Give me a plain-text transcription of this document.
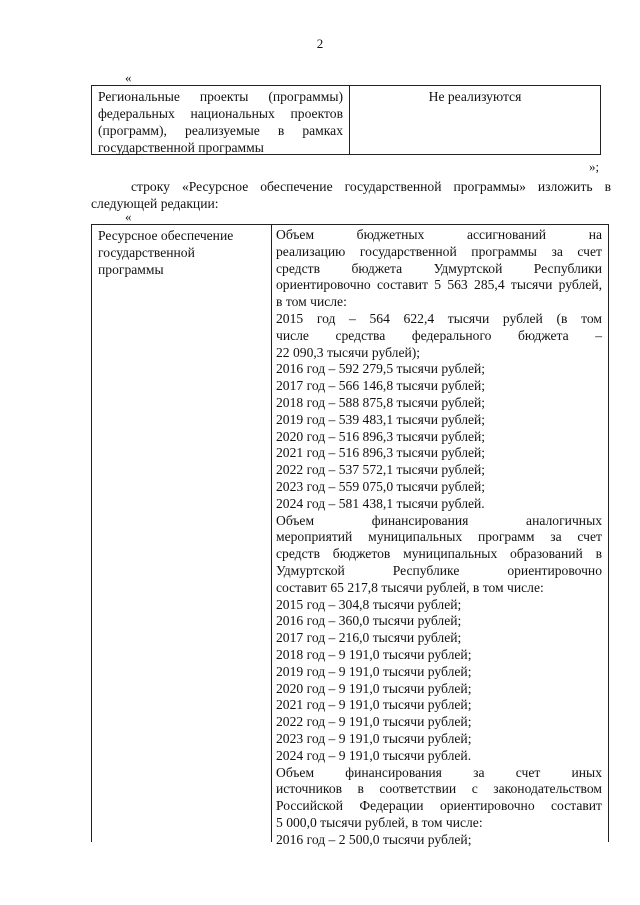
2
«
Региональные проекты (программы)
федеральных национальных проектов
(программ), реализуемые в рамках
государственной программы
Не реализуются
»;
строку «Ресурсное обеспечение государственной программы» изложить в
следующей редакции:
«
Ресурсное обеспечение
государственной
программы
Объем бюджетных ассигнований на
реализацию государственной программы за счет
средств бюджета Удмуртской Республики
ориентировочно составит 5 563 285,4 тысячи рублей,
в том числе:
2015 год – 564 622,4 тысячи рублей (в том
числе средства федерального бюджета –
22 090,3 тысячи рублей);
2016 год – 592 279,5 тысячи рублей;
2017 год – 566 146,8 тысячи рублей;
2018 год – 588 875,8 тысячи рублей;
2019 год – 539 483,1 тысячи рублей;
2020 год – 516 896,3 тысячи рублей;
2021 год – 516 896,3 тысячи рублей;
2022 год – 537 572,1 тысячи рублей;
2023 год – 559 075,0 тысячи рублей;
2024 год – 581 438,1 тысячи рублей.
Объем финансирования аналогичных
мероприятий муниципальных программ за счет
средств бюджетов муниципальных образований в
Удмуртской Республике ориентировочно
составит 65 217,8 тысячи рублей, в том числе:
2015 год – 304,8 тысячи рублей;
2016 год – 360,0 тысячи рублей;
2017 год – 216,0 тысячи рублей;
2018 год – 9 191,0 тысячи рублей;
2019 год – 9 191,0 тысячи рублей;
2020 год – 9 191,0 тысячи рублей;
2021 год – 9 191,0 тысячи рублей;
2022 год – 9 191,0 тысячи рублей;
2023 год – 9 191,0 тысячи рублей;
2024 год – 9 191,0 тысячи рублей.
Объем финансирования за счет иных
источников в соответствии с законодательством
Российской Федерации ориентировочно составит
5 000,0 тысячи рублей, в том числе:
2016 год – 2 500,0 тысячи рублей;
